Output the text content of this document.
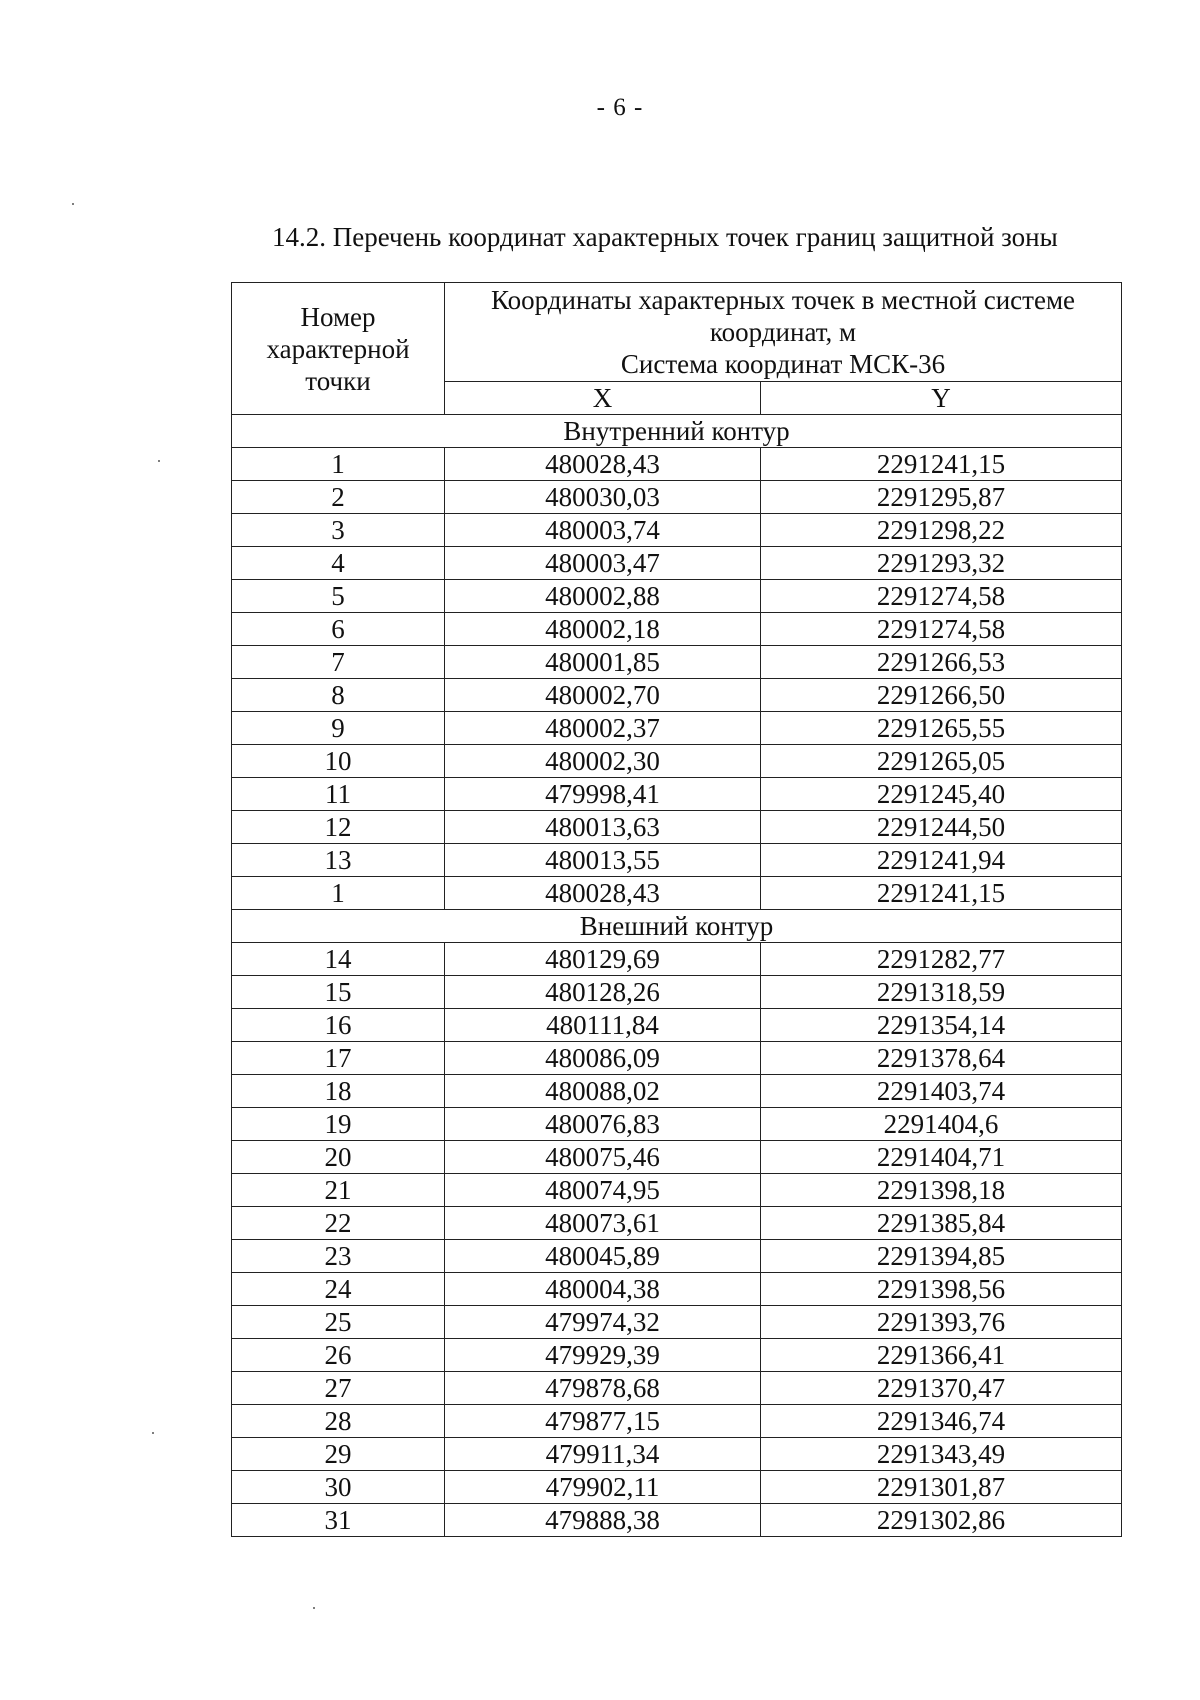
- 6 -
14.2. Перечень координат характерных точек границ защитной зоны
Номер характерной точки	Координаты характерных точек в местной системе
координат, м
Система координат МСК-36	

	X	Y
Внутренний контур		
1	480028,43	2291241,15
2	480030,03	2291295,87
3	480003,74	2291298,22
4	480003,47	2291293,32
5	480002,88	2291274,58
6	480002,18	2291274,58
7	480001,85	2291266,53
8	480002,70	2291266,50
9	480002,37	2291265,55
10	480002,30	2291265,05
11	479998,41	2291245,40
12	480013,63	2291244,50
13	480013,55	2291241,94
1	480028,43	2291241,15
Внешний контур		
14	480129,69	2291282,77
15	480128,26	2291318,59
16	480111,84	2291354,14
17	480086,09	2291378,64
18	480088,02	2291403,74
19	480076,83	2291404,6
20	480075,46	2291404,71
21	480074,95	2291398,18
22	480073,61	2291385,84
23	480045,89	2291394,85
24	480004,38	2291398,56
25	479974,32	2291393,76
26	479929,39	2291366,41
27	479878,68	2291370,47
28	479877,15	2291346,74
29	479911,34	2291343,49
30	479902,11	2291301,87
31	479888,38	2291302,86
